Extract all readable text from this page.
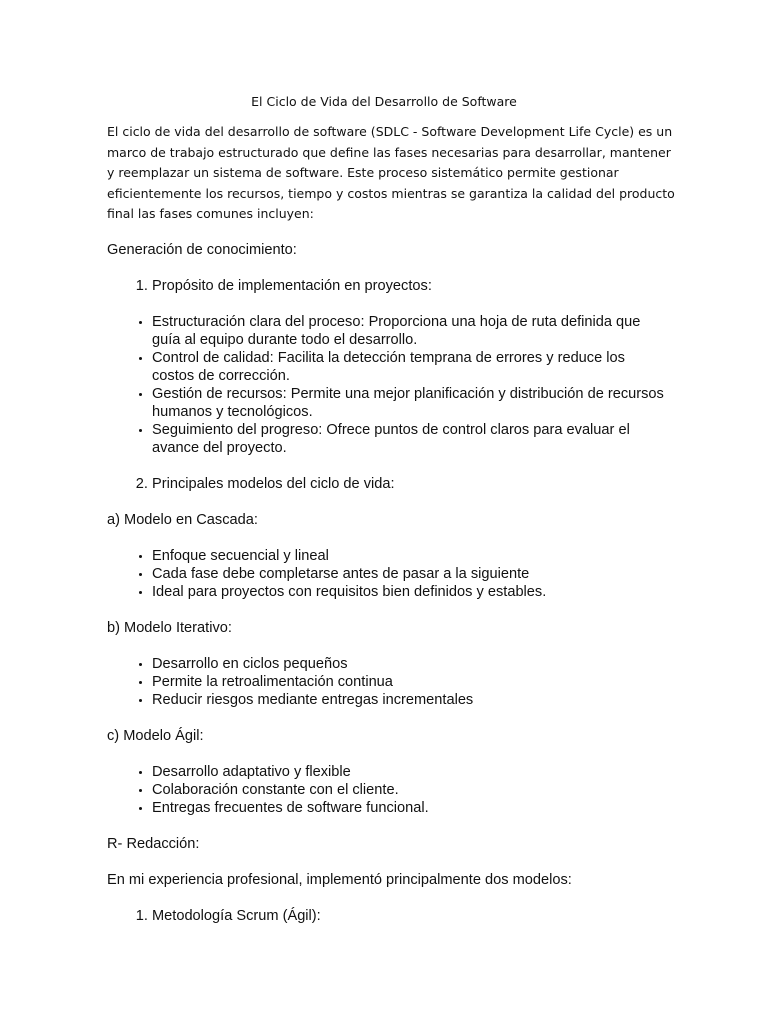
El Ciclo de Vida del Desarrollo de Software

El ciclo de vida del desarrollo de software (SDLC - Software Development Life Cycle) es un
marco de trabajo estructurado que define las fases necesarias para desarrollar, mantener
y reemplazar un sistema de software. Este proceso sistemático permite gestionar
eficientemente los recursos, tiempo y costos mientras se garantiza la calidad del producto
final las fases comunes incluyen:

Generación de conocimiento:

1. Propósito de implementación en proyectos:
• Estructuración clara del proceso: Proporciona una hoja de ruta definida que guía al equipo durante todo el desarrollo.
• Control de calidad: Facilita la detección temprana de errores y reduce los costos de corrección.
• Gestión de recursos: Permite una mejor planificación y distribución de recursos humanos y tecnológicos.
• Seguimiento del progreso: Ofrece puntos de control claros para evaluar el avance del proyecto.
2. Principales modelos del ciclo de vida:

a) Modelo en Cascada:

• Enfoque secuencial y lineal
• Cada fase debe completarse antes de pasar a la siguiente
• Ideal para proyectos con requisitos bien definidos y estables.

b) Modelo Iterativo:

• Desarrollo en ciclos pequeños
• Permite la retroalimentación continua
• Reducir riesgos mediante entregas incrementales

c) Modelo Ágil:

• Desarrollo adaptativo y flexible
• Colaboración constante con el cliente.
• Entregas frecuentes de software funcional.

R- Redacción:

En mi experiencia profesional, implementó principalmente dos modelos:

1. Metodología Scrum (Ágil):
